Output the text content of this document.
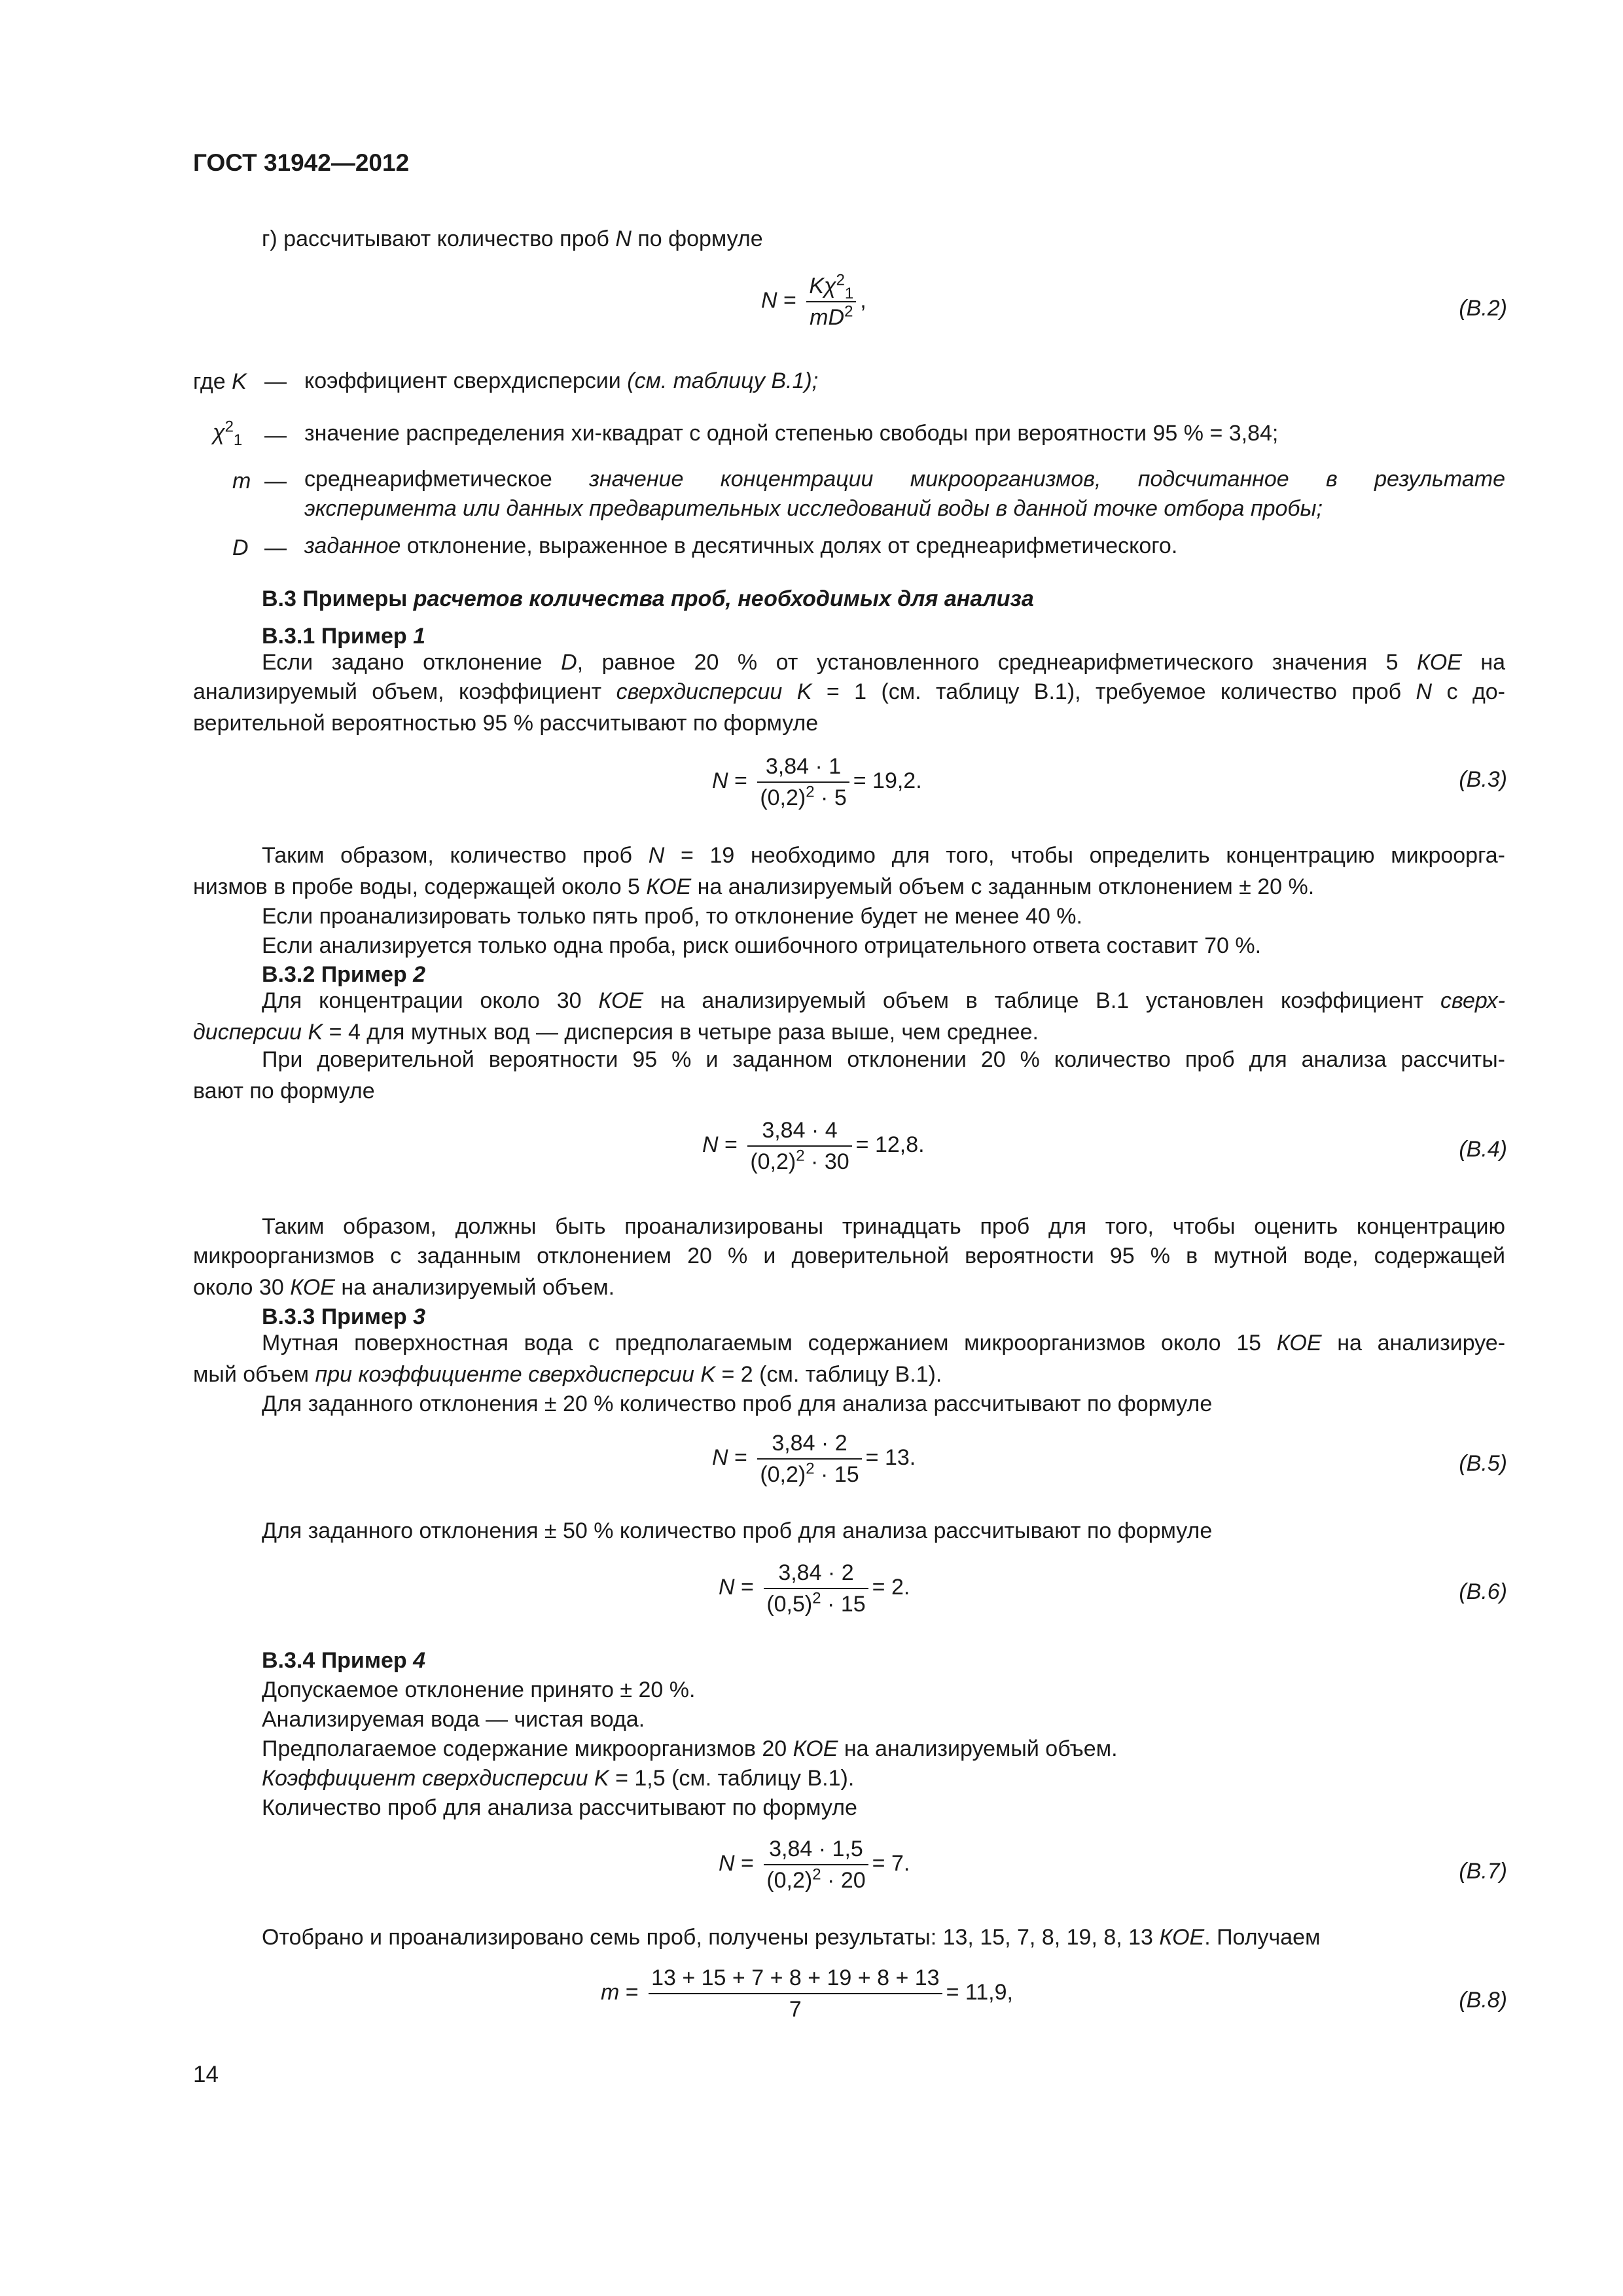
ГОСТ 31942—2012
г) рассчитывают количество проб N по формуле
$N = \frac{K\chi^2_1}{mD^2}$ ,	(В.2)
где K — коэффициент сверхдисперсии (см. таблицу В.1);
$\chi^2_1$ — значение распределения хи-квадрат с одной степенью свободы при вероятности 95 % = 3,84;
m — среднеарифметическое значение концентрации микроорганизмов, подсчитанное в результате
эксперимента или данных предварительных исследований воды в данной точке отбора пробы;
D — заданное отклонение, выраженное в десятичных долях от среднеарифметического.
В.3 Примеры расчетов количества проб, необходимых для анализа
В.3.1 Пример 1
Если задано отклонение D, равное 20 % от установленного среднеарифметического значения 5 КОЕ на
анализируемый объем, коэффициент сверхдисперсии K = 1 (см. таблицу В.1), требуемое количество проб N с до-
верительной вероятностью 95 % рассчитывают по формуле
$N = \frac{3,84 \cdot 1}{(0,2)^2 \cdot 5} = 19,2$.	(В.3)
Таким образом, количество проб N = 19 необходимо для того, чтобы определить концентрацию микроорга-
низмов в пробе воды, содержащей около 5 КОЕ на анализируемый объем с заданным отклонением ± 20 %.
Если проанализировать только пять проб, то отклонение будет не менее 40 %.
Если анализируется только одна проба, риск ошибочного отрицательного ответа составит 70 %.
В.3.2 Пример 2
Для концентрации около 30 КОЕ на анализируемый объем в таблице В.1 установлен коэффициент сверх-
дисперсии K = 4 для мутных вод — дисперсия в четыре раза выше, чем среднее.
При доверительной вероятности 95 % и заданном отклонении 20 % количество проб для анализа рассчиты-
вают по формуле
$N = \frac{3,84 \cdot 4}{(0,2)^2 \cdot 30} = 12,8$.	(В.4)
Таким образом, должны быть проанализированы тринадцать проб для того, чтобы оценить концентрацию
микроорганизмов с заданным отклонением 20 % и доверительной вероятности 95 % в мутной воде, содержащей
около 30 КОЕ на анализируемый объем.
В.3.3 Пример 3
Мутная поверхностная вода с предполагаемым содержанием микроорганизмов около 15 КОЕ на анализируе-
мый объем при коэффициенте сверхдисперсии K = 2 (см. таблицу В.1).
Для заданного отклонения ± 20 % количество проб для анализа рассчитывают по формуле
$N = \frac{3,84 \cdot 2}{(0,2)^2 \cdot 15} = 13$.	(В.5)
Для заданного отклонения ± 50 % количество проб для анализа рассчитывают по формуле
$N = \frac{3,84 \cdot 2}{(0,5)^2 \cdot 15} = 2$.	(В.6)
В.3.4 Пример 4
Допускаемое отклонение принято ± 20 %.
Анализируемая вода — чистая вода.
Предполагаемое содержание микроорганизмов 20 КОЕ на анализируемый объем.
Коэффициент сверхдисперсии K = 1,5 (см. таблицу В.1).
Количество проб для анализа рассчитывают по формуле
$N = \frac{3,84 \cdot 1,5}{(0,2)^2 \cdot 20} = 7$.	(В.7)
Отобрано и проанализировано семь проб, получены результаты: 13, 15, 7, 8, 19, 8, 13 КОЕ. Получаем
$m = \frac{13 + 15 + 7 + 8 + 19 + 8 + 13}{7} = 11,9$,	(В.8)
14
